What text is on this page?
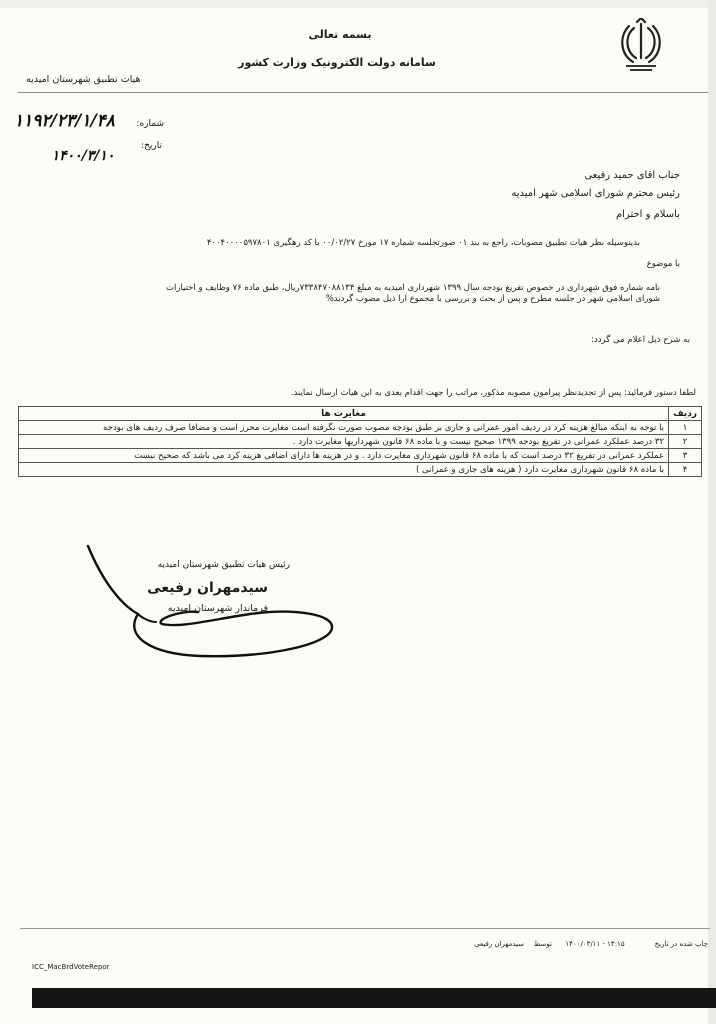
بسمه تعالی
سامانه دولت الکترونیک وزارت کشور
هیات تطبیق شهرستان امیدیه
شماره:
۱۱۹۲/۲۳/۱/۴۸
تاریخ:
۱۴۰۰/۳/۱۰
جناب اقای حمید رفیعی
رئیس محترم شورای اسلامی شهر امیدیه
باسلام و احترام
بدینوسیله نظر هیات تطبیق مصوبات، راجع به بند ۰۱ صورتجلسه شماره ۱۷ مورخ ۰۰/۰۲/۲۷ با کد رهگیری ۴۰۰۴۰۰۰۰۵۹۷۸۰۱
با موضوع
نامه شماره فوق شهرداری در خصوص تفریغ بودجه سال ۱۳۹۹ شهرداری امیدیه به مبلغ ۷۳۳۸۴۷۰۸۸۱۳۴ریال، طبق ماده ۷۶ وظایف و اختیارات
شورای اسلامی شهر در جلسه مطرح و پس از بحث و بررسی با مجموع ارا ذیل مصوب گردید%
به شرح ذیل اعلام می گردد:
لطفا دستور فرمائید: پس از تجدیدنظر پیرامون مصوبه مذکور، مراتب را جهت اقدام بعدی به این هیات ارسال نمایند.
ردیف	مغایرت ها
۱	با توجه به اینکه مبالغ هزینه کرد در ردیف امور عمرانی و جاری بر طبق بودجه مصوب صورت نگرفته است مغایرت محرز است و مضافا صرف ردیف های بودجه
۲	۳۲ درصد عملکرد عمرانی در تفریغ بودجه ۱۳۹۹ صحیح نیست و با ماده ۶۸ قانون شهرداریها مغایرت دارد .
۳	عملکرد عمرانی در تفریغ ۳۲ درصد است که با ماده ۶۸ قانون شهرداری مغایرت دارد . و در هزینه ها دارای اضافی هزینه کرد می باشد که صحیح نیست
۴	با ماده ۶۸ قانون شهرداری مغایرت دارد ( هزینه های جاری و عمرانی )
رئیس هیات تطبیق شهرستان امیدیه
سیدمهران رفیعی
فرماندار شهرستان امیدیه
سیدمهران رفیعی	توسط	۱۴۰۰/۰۳/۱۱ - ۱۴:۱۵	چاپ شده در تاریخ
ICC_MacBrdVoteRepor
